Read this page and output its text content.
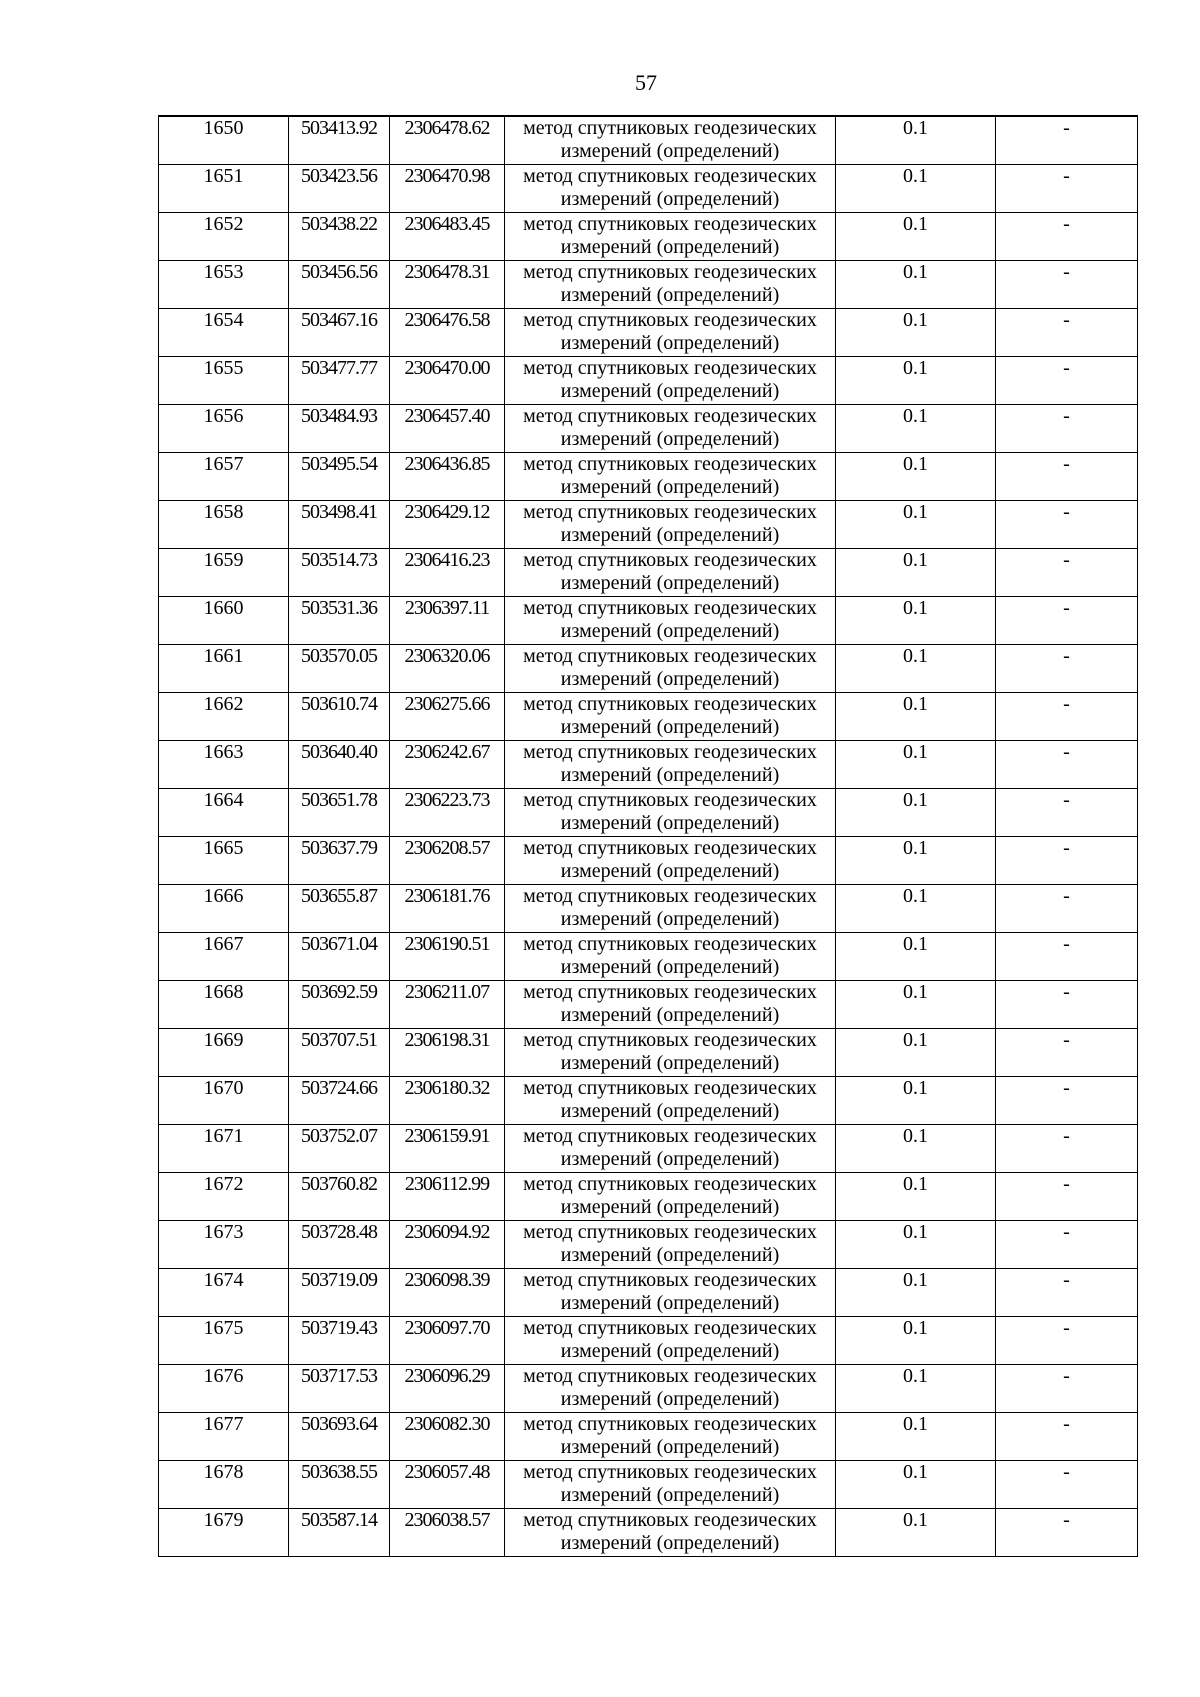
57
1650	503413.92	2306478.62	метод спутниковых геодезических измерений (определений)	0.1	-
1651	503423.56	2306470.98	метод спутниковых геодезических измерений (определений)	0.1	-
1652	503438.22	2306483.45	метод спутниковых геодезических измерений (определений)	0.1	-
1653	503456.56	2306478.31	метод спутниковых геодезических измерений (определений)	0.1	-
1654	503467.16	2306476.58	метод спутниковых геодезических измерений (определений)	0.1	-
1655	503477.77	2306470.00	метод спутниковых геодезических измерений (определений)	0.1	-
1656	503484.93	2306457.40	метод спутниковых геодезических измерений (определений)	0.1	-
1657	503495.54	2306436.85	метод спутниковых геодезических измерений (определений)	0.1	-
1658	503498.41	2306429.12	метод спутниковых геодезических измерений (определений)	0.1	-
1659	503514.73	2306416.23	метод спутниковых геодезических измерений (определений)	0.1	-
1660	503531.36	2306397.11	метод спутниковых геодезических измерений (определений)	0.1	-
1661	503570.05	2306320.06	метод спутниковых геодезических измерений (определений)	0.1	-
1662	503610.74	2306275.66	метод спутниковых геодезических измерений (определений)	0.1	-
1663	503640.40	2306242.67	метод спутниковых геодезических измерений (определений)	0.1	-
1664	503651.78	2306223.73	метод спутниковых геодезических измерений (определений)	0.1	-
1665	503637.79	2306208.57	метод спутниковых геодезических измерений (определений)	0.1	-
1666	503655.87	2306181.76	метод спутниковых геодезических измерений (определений)	0.1	-
1667	503671.04	2306190.51	метод спутниковых геодезических измерений (определений)	0.1	-
1668	503692.59	2306211.07	метод спутниковых геодезических измерений (определений)	0.1	-
1669	503707.51	2306198.31	метод спутниковых геодезических измерений (определений)	0.1	-
1670	503724.66	2306180.32	метод спутниковых геодезических измерений (определений)	0.1	-
1671	503752.07	2306159.91	метод спутниковых геодезических измерений (определений)	0.1	-
1672	503760.82	2306112.99	метод спутниковых геодезических измерений (определений)	0.1	-
1673	503728.48	2306094.92	метод спутниковых геодезических измерений (определений)	0.1	-
1674	503719.09	2306098.39	метод спутниковых геодезических измерений (определений)	0.1	-
1675	503719.43	2306097.70	метод спутниковых геодезических измерений (определений)	0.1	-
1676	503717.53	2306096.29	метод спутниковых геодезических измерений (определений)	0.1	-
1677	503693.64	2306082.30	метод спутниковых геодезических измерений (определений)	0.1	-
1678	503638.55	2306057.48	метод спутниковых геодезических измерений (определений)	0.1	-
1679	503587.14	2306038.57	метод спутниковых геодезических измерений (определений)	0.1	-
